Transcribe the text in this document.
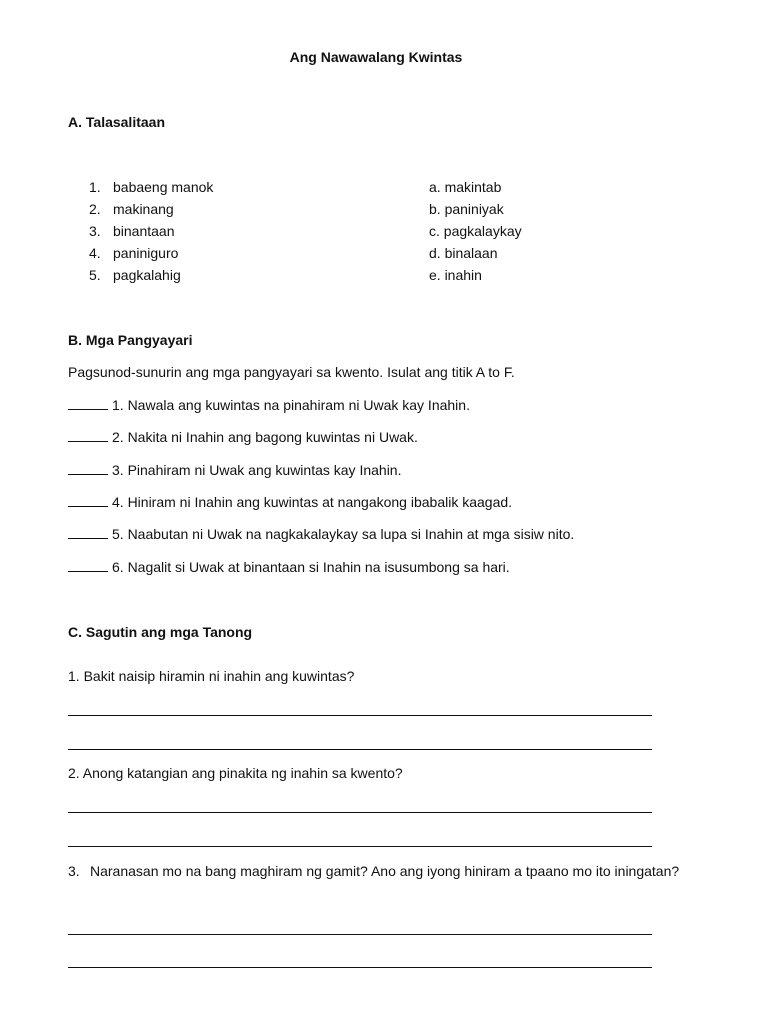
Ang Nawawalang Kwintas
A. Talasalitaan
1. babaeng manok	a. makintab
2. makinang	b. paniniyak
3. binantaan	c. pagkalaykay
4. paniniguro	d. binalaan
5. pagkalahig	e. inahin
B. Mga Pangyayari
Pagsunod-sunurin ang mga pangyayari sa kwento. Isulat ang titik A to F.
1. Nawala ang kuwintas na pinahiram ni Uwak kay Inahin.
2. Nakita ni Inahin ang bagong kuwintas ni Uwak.
3. Pinahiram ni Uwak ang kuwintas kay Inahin.
4. Hiniram ni Inahin ang kuwintas at nangakong ibabalik kaagad.
5. Naabutan ni Uwak na nagkakalaykay sa lupa si Inahin at mga sisiw nito.
6. Nagalit si Uwak at binantaan si Inahin na isusumbong sa hari.
C. Sagutin ang mga Tanong
1. Bakit naisip hiramin ni inahin ang kuwintas?
2. Anong katangian ang pinakita ng inahin sa kwento?
3. Naranasan mo na bang maghiram ng gamit? Ano ang iyong hiniram a tpaano mo ito iningatan?
